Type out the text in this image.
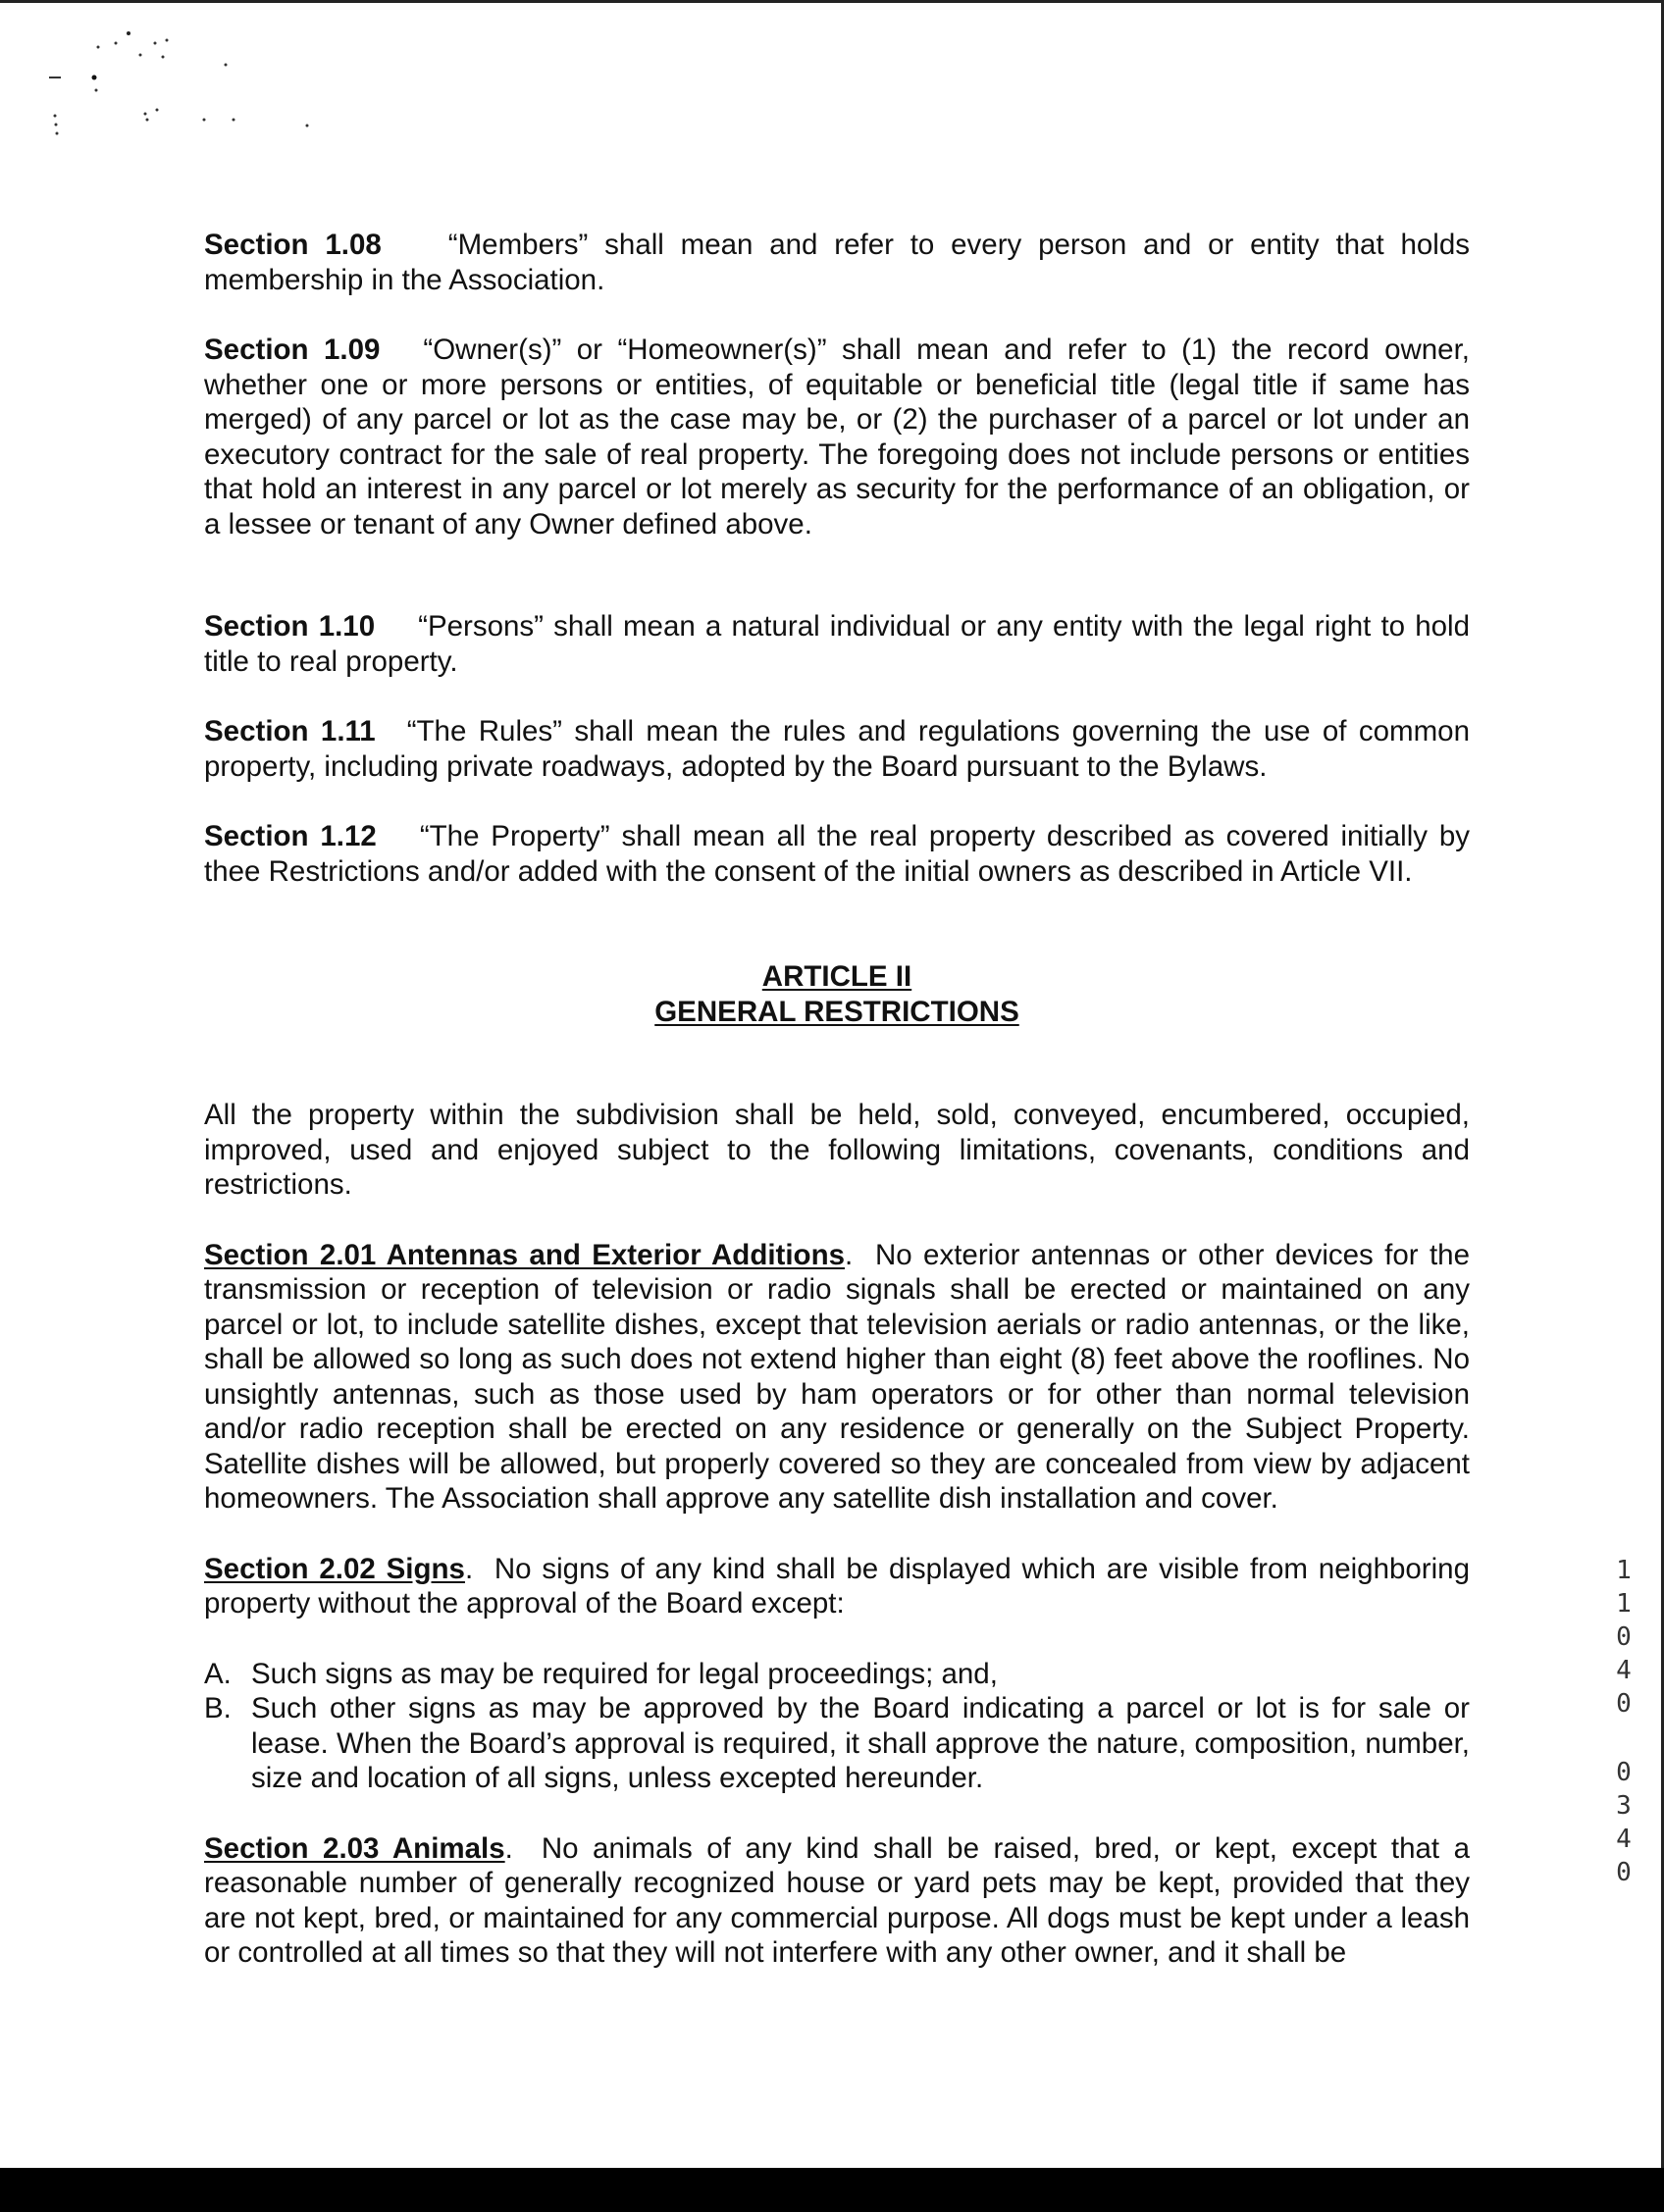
Section 1.08 “Members” shall mean and refer to every person and or entity that holds membership in the Association.

Section 1.09 “Owner(s)” or “Homeowner(s)” shall mean and refer to (1) the record owner, whether one or more persons or entities, of equitable or beneficial title (legal title if same has merged) of any parcel or lot as the case may be, or (2) the purchaser of a parcel or lot under an executory contract for the sale of real property. The foregoing does not include persons or entities that hold an interest in any parcel or lot merely as security for the performance of an obligation, or a lessee or tenant of any Owner defined above.

Section 1.10 “Persons” shall mean a natural individual or any entity with the legal right to hold title to real property.

Section 1.11 “The Rules” shall mean the rules and regulations governing the use of common property, including private roadways, adopted by the Board pursuant to the Bylaws.

Section 1.12 “The Property” shall mean all the real property described as covered initially by thee Restrictions and/or added with the consent of the initial owners as described in Article VII.

ARTICLE II

GENERAL RESTRICTIONS

All the property within the subdivision shall be held, sold, conveyed, encumbered, occupied, improved, used and enjoyed subject to the following limitations, covenants, conditions and restrictions.

Section 2.01 Antennas and Exterior Additions.  No exterior antennas or other devices for the transmission or reception of television or radio signals shall be erected or maintained on any parcel or lot, to include satellite dishes, except that television aerials or radio antennas, or the like, shall be allowed so long as such does not extend higher than eight (8) feet above the rooflines. No unsightly antennas, such as those used by ham operators or for other than normal television and/or radio reception shall be erected on any residence or generally on the Subject Property. Satellite dishes will be allowed, but properly covered so they are concealed from view by adjacent homeowners. The Association shall approve any satellite dish installation and cover.

Section 2.02 Signs.  No signs of any kind shall be displayed which are visible from neighboring property without the approval of the Board except:

A. Such signs as may be required for legal proceedings; and,
B. Such other signs as may be approved by the Board indicating a parcel or lot is for sale or lease. When the Board’s approval is required, it shall approve the nature, composition, number, size and location of all signs, unless excepted hereunder.

Section 2.03 Animals.  No animals of any kind shall be raised, bred, or kept, except that a reasonable number of generally recognized house or yard pets may be kept, provided that they are not kept, bred, or maintained for any commercial purpose. All dogs must be kept under a leash or controlled at all times so that they will not interfere with any other owner, and it shall be

1
1
0
4
0
0
3
4
0
